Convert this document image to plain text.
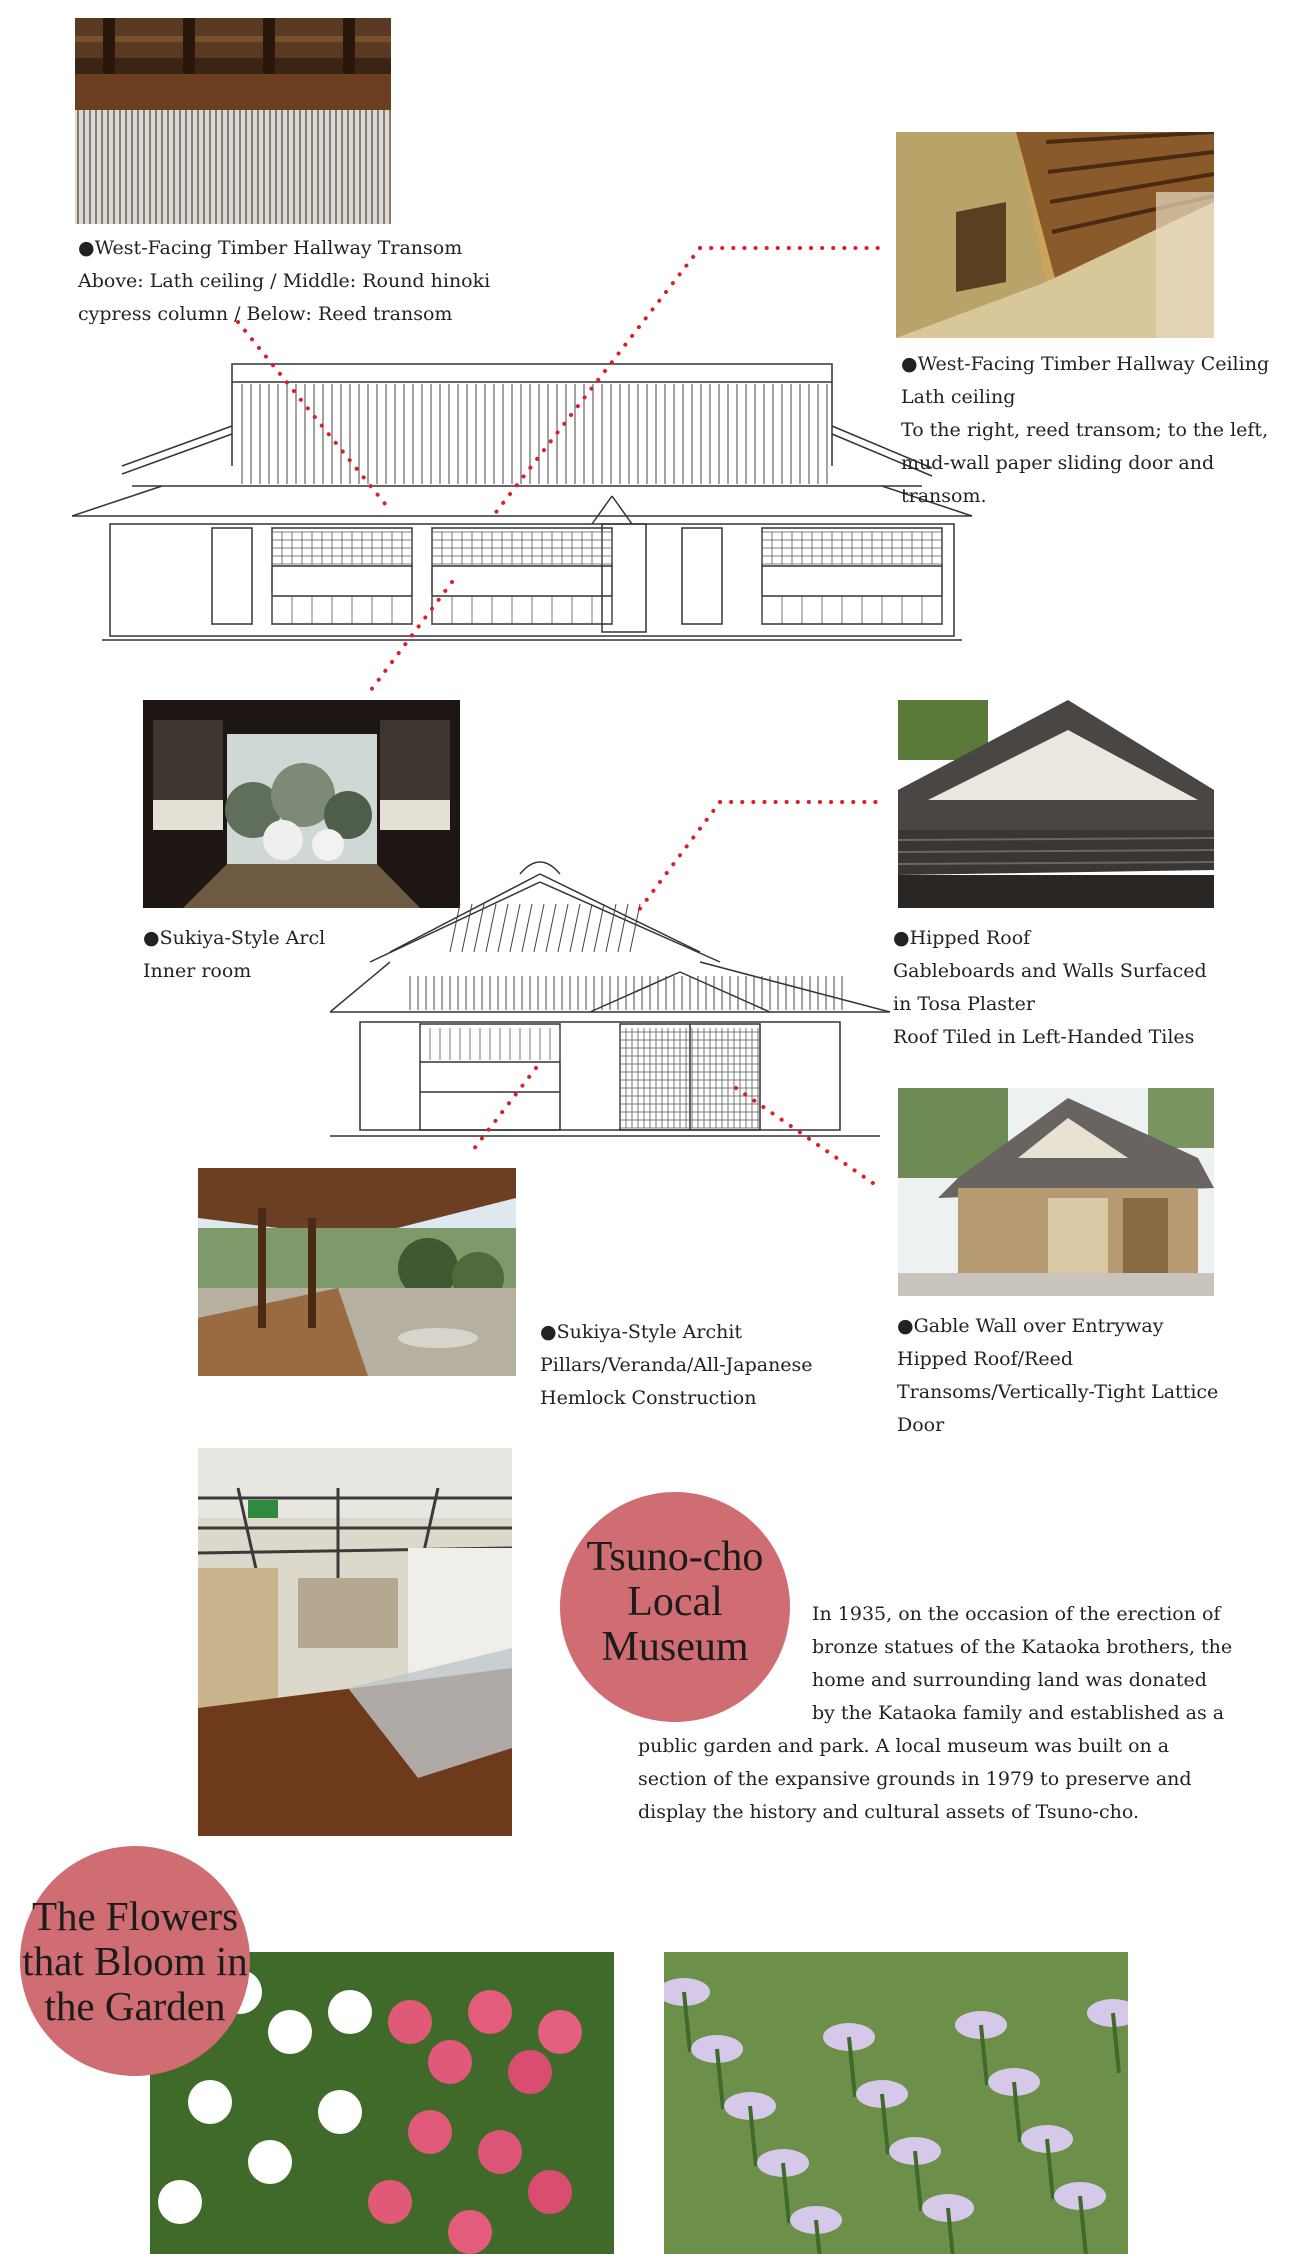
●West-Facing Timber Hallway Transom
Above: Lath ceiling / Middle: Round hinoki
cypress column / Below: Reed transom
●West-Facing Timber Hallway Ceiling
Lath ceiling
To the right, reed transom; to the left,
mud-wall paper sliding door and
transom.
●Sukiya-Style Arcl
Inner room
●Hipped Roof
Gableboards and Walls Surfaced
in Tosa Plaster
Roof Tiled in Left-Handed Tiles
●Sukiya-Style Archit
Pillars/Veranda/All-Japanese
Hemlock Construction
●Gable Wall over Entryway
Hipped Roof/Reed
Transoms/Vertically-Tight Lattice
Door
Tsuno-cho
Local
Museum
In 1935, on the occasion of the erection of
bronze statues of the Kataoka brothers, the
home and surrounding land was donated
by the Kataoka family and established as a
public garden and park. A local museum was built on a
section of the expansive grounds in 1979 to preserve and
display the history and cultural assets of Tsuno-cho.
The Flowers
that Bloom in
the Garden
